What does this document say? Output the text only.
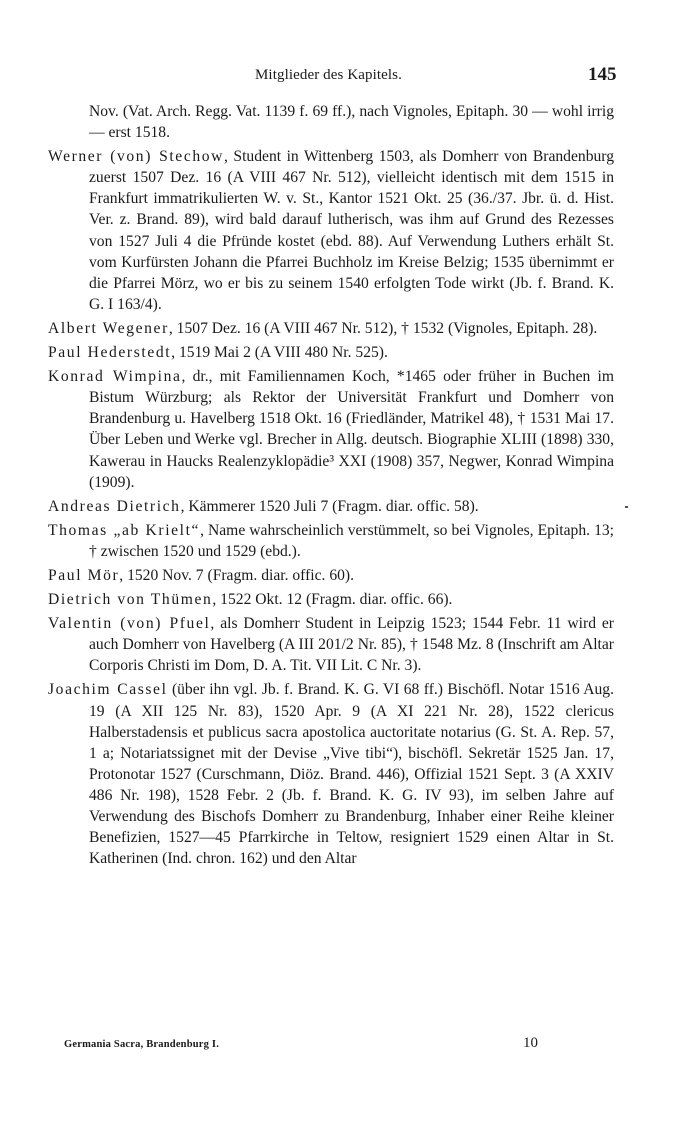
Mitglieder des Kapitels.	145

Nov. (Vat. Arch. Regg. Vat. 1139 f. 69 ff.), nach Vignoles, Epitaph. 30 — wohl irrig — erst 1518.

Werner (von) Stechow, Student in Wittenberg 1503, als Domherr von Brandenburg zuerst 1507 Dez. 16 (A VIII 467 Nr. 512), vielleicht identisch mit dem 1515 in Frankfurt immatrikulierten W. v. St., Kantor 1521 Okt. 25 (36./37. Jbr. ü. d. Hist. Ver. z. Brand. 89), wird bald darauf lutherisch, was ihm auf Grund des Rezesses von 1527 Juli 4 die Pfründe kostet (ebd. 88). Auf Verwendung Luthers erhält St. vom Kurfürsten Johann die Pfarrei Buchholz im Kreise Belzig; 1535 übernimmt er die Pfarrei Mörz, wo er bis zu seinem 1540 erfolgten Tode wirkt (Jb. f. Brand. K. G. I 163/4).

Albert Wegener, 1507 Dez. 16 (A VIII 467 Nr. 512), † 1532 (Vignoles, Epitaph. 28).

Paul Hederstedt, 1519 Mai 2 (A VIII 480 Nr. 525).

Konrad Wimpina, dr., mit Familiennamen Koch, *1465 oder früher in Buchen im Bistum Würzburg; als Rektor der Universität Frankfurt und Domherr von Brandenburg u. Havelberg 1518 Okt. 16 (Friedländer, Matrikel 48), † 1531 Mai 17. Über Leben und Werke vgl. Brecher in Allg. deutsch. Biographie XLIII (1898) 330, Kawerau in Haucks Realenzyklopädie³ XXI (1908) 357, Negwer, Konrad Wimpina (1909).

Andreas Dietrich, Kämmerer 1520 Juli 7 (Fragm. diar. offic. 58).

Thomas „ab Krielt“, Name wahrscheinlich verstümmelt, so bei Vignoles, Epitaph. 13; † zwischen 1520 und 1529 (ebd.).

Paul Mör, 1520 Nov. 7 (Fragm. diar. offic. 60).

Dietrich von Thümen, 1522 Okt. 12 (Fragm. diar. offic. 66).

Valentin (von) Pfuel, als Domherr Student in Leipzig 1523; 1544 Febr. 11 wird er auch Domherr von Havelberg (A III 201/2 Nr. 85), † 1548 Mz. 8 (Inschrift am Altar Corporis Christi im Dom, D. A. Tit. VII Lit. C Nr. 3).

Joachim Cassel (über ihn vgl. Jb. f. Brand. K. G. VI 68 ff.) Bischöfl. Notar 1516 Aug. 19 (A XII 125 Nr. 83), 1520 Apr. 9 (A XI 221 Nr. 28), 1522 clericus Halberstadensis et publicus sacra apostolica auctoritate notarius (G. St. A. Rep. 57, 1 a; Notariatssignet mit der Devise „Vive tibi“), bischöfl. Sekretär 1525 Jan. 17, Protonotar 1527 (Curschmann, Diöz. Brand. 446), Offizial 1521 Sept. 3 (A XXIV 486 Nr. 198), 1528 Febr. 2 (Jb. f. Brand. K. G. IV 93), im selben Jahre auf Verwendung des Bischofs Domherr zu Brandenburg, Inhaber einer Reihe kleiner Benefizien, 1527—45 Pfarrkirche in Teltow, resigniert 1529 einen Altar in St. Katherinen (Ind. chron. 162) und den Altar

Germania Sacra, Brandenburg I.	10
